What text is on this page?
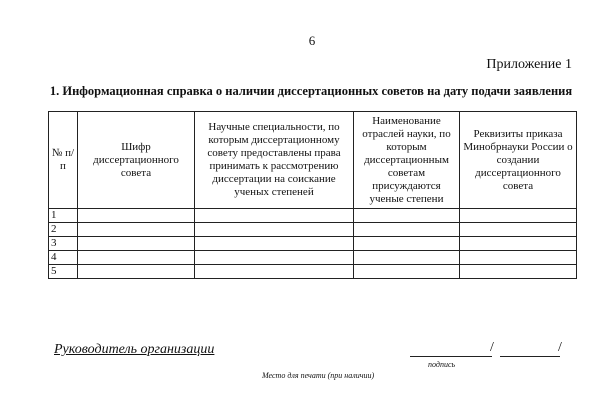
6
Приложение 1
1. Информационная справка о наличии диссертационных советов на дату подачи заявления
№ п/п	Шифр диссертационного совета	Научные специальности, по которым диссертационному совету предоставлены права принимать к рассмотрению диссертации на соискание ученых степеней	Наименование отраслей науки, по которым диссертационным советам присуждаются ученые степени	Реквизиты приказа Минобрнауки России о создании диссертационного совета
1				
2				
3				
4				
5				
Руководитель организации	/	/
подпись
Место для печати (при наличии)
